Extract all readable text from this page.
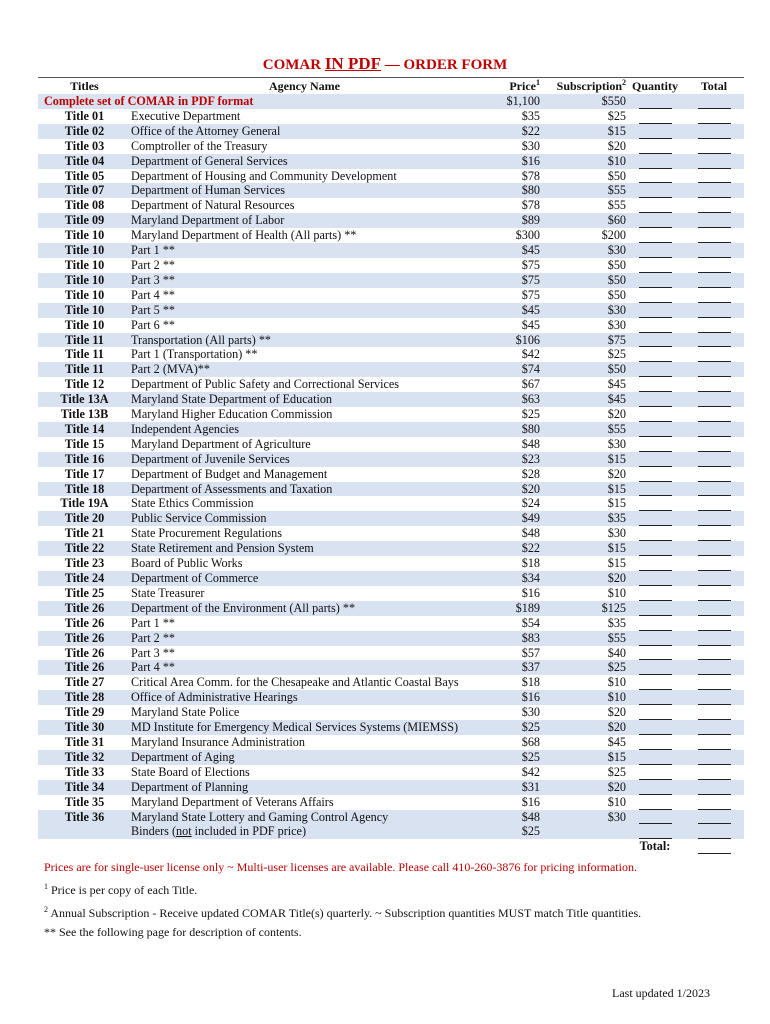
COMAR IN PDF — ORDER FORM
Titles	Agency Name	Price$^1$	Subscription$^2$	Quantity	Total
Complete set of COMAR in PDF format		$1,100	$550		
Title 01	Executive Department	$35	$25		
Title 02	Office of the Attorney General	$22	$15		
Title 03	Comptroller of the Treasury	$30	$20		
Title 04	Department of General Services	$16	$10		
Title 05	Department of Housing and Community Development	$78	$50		
Title 07	Department of Human Services	$80	$55		
Title 08	Department of Natural Resources	$78	$55		
Title 09	Maryland Department of Labor	$89	$60		
Title 10	Maryland Department of Health (All parts) **	$300	$200		
Title 10	Part 1 **	$45	$30		
Title 10	Part 2 **	$75	$50		
Title 10	Part 3 **	$75	$50		
Title 10	Part 4 **	$75	$50		
Title 10	Part 5 **	$45	$30		
Title 10	Part 6 **	$45	$30		
Title 11	Transportation (All parts) **	$106	$75		
Title 11	Part 1 (Transportation) **	$42	$25		
Title 11	Part 2 (MVA)**	$74	$50		
Title 12	Department of Public Safety and Correctional Services	$67	$45		
Title 13A	Maryland State Department of Education	$63	$45		
Title 13B	Maryland Higher Education Commission	$25	$20		
Title 14	Independent Agencies	$80	$55		
Title 15	Maryland Department of Agriculture	$48	$30		
Title 16	Department of Juvenile Services	$23	$15		
Title 17	Department of Budget and Management	$28	$20		
Title 18	Department of Assessments and Taxation	$20	$15		
Title 19A	State Ethics Commission	$24	$15		
Title 20	Public Service Commission	$49	$35		
Title 21	State Procurement Regulations	$48	$30		
Title 22	State Retirement and Pension System	$22	$15		
Title 23	Board of Public Works	$18	$15		
Title 24	Department of Commerce	$34	$20		
Title 25	State Treasurer	$16	$10		
Title 26	Department of the Environment (All parts) **	$189	$125		
Title 26	Part 1 **	$54	$35		
Title 26	Part 2 **	$83	$55		
Title 26	Part 3 **	$57	$40		
Title 26	Part 4 **	$37	$25		
Title 27	Critical Area Comm. for the Chesapeake and Atlantic Coastal Bays	$18	$10		
Title 28	Office of Administrative Hearings	$16	$10		
Title 29	Maryland State Police	$30	$20		
Title 30	MD Institute for Emergency Medical Services Systems (MIEMSS)	$25	$20		
Title 31	Maryland Insurance Administration	$68	$45		
Title 32	Department of Aging	$25	$15		
Title 33	State Board of Elections	$42	$25		
Title 34	Department of Planning	$31	$20		
Title 35	Maryland Department of Veterans Affairs	$16	$10		
Title 36	Maryland State Lottery and Gaming Control Agency	$48	$30		
	Binders (not included in PDF price)	$25			
				Total:	
Prices are for single-user license only ~ Multi-user licenses are available. Please call 410-260-3876 for pricing information.
$^1$ Price is per copy of each Title.
$^2$ Annual Subscription - Receive updated COMAR Title(s) quarterly. ~ Subscription quantities MUST match Title quantities.
** See the following page for description of contents.
Last updated 1/2023
